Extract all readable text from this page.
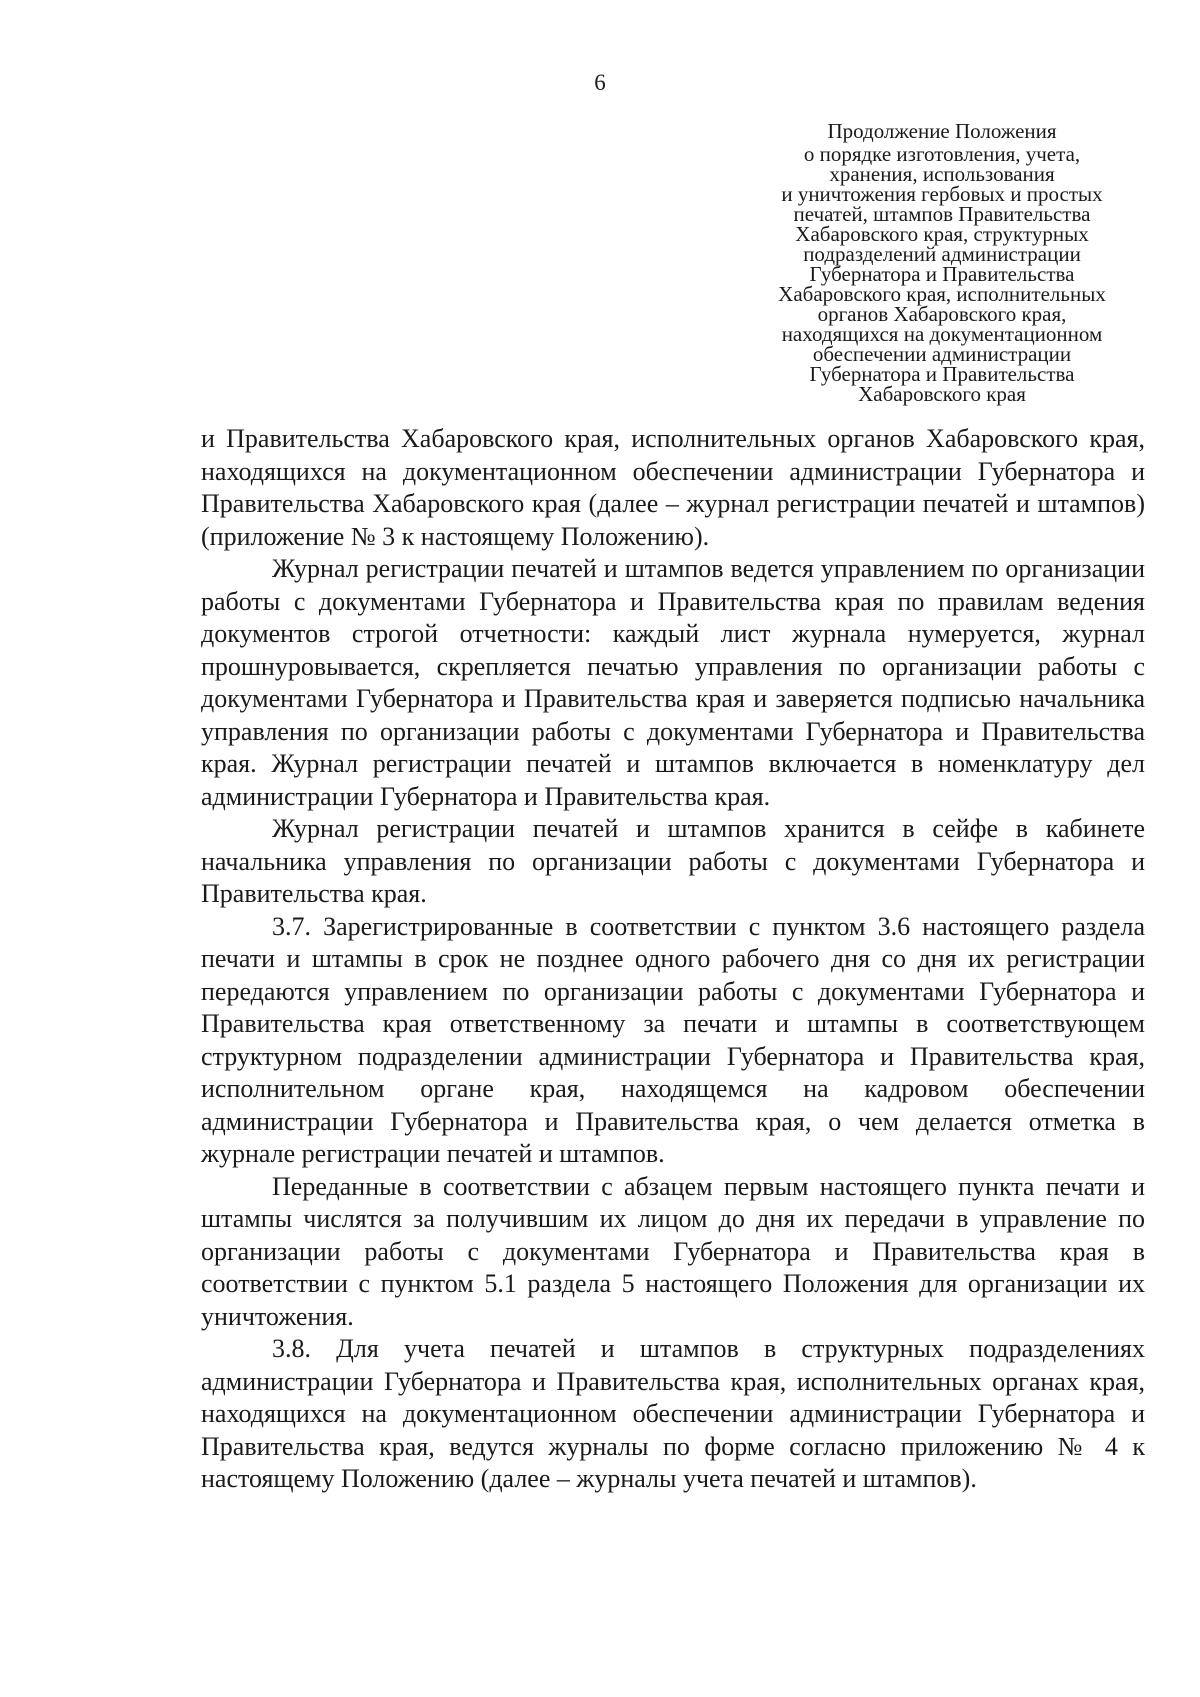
6
Продолжение Положения
о порядке изготовления, учета,
хранения, использования
и уничтожения гербовых и простых
печатей, штампов Правительства
Хабаровского края, структурных
подразделений администрации
Губернатора и Правительства
Хабаровского края, исполнительных
органов Хабаровского края,
находящихся на документационном
обеспечении администрации
Губернатора и Правительства
Хабаровского края

и Правительства Хабаровского края, исполнительных органов Хабаровского края, находящихся на документационном обеспечении администрации Губернатора и Правительства Хабаровского края (далее – журнал регистрации печатей и штампов) (приложение № 3 к настоящему Положению).

Журнал регистрации печатей и штампов ведется управлением по организации работы с документами Губернатора и Правительства края по правилам ведения документов строгой отчетности: каждый лист журнала нумеруется, журнал прошнуровывается, скрепляется печатью управления по организации работы с документами Губернатора и Правительства края и заверяется подписью начальника управления по организации работы с документами Губернатора и Правительства края. Журнал регистрации печатей и штампов включается в номенклатуру дел администрации Губернатора и Правительства края.

Журнал регистрации печатей и штампов хранится в сейфе в кабинете начальника управления по организации работы с документами Губернатора и Правительства края.

3.7. Зарегистрированные в соответствии с пунктом 3.6 настоящего раздела печати и штампы в срок не позднее одного рабочего дня со дня их регистрации передаются управлением по организации работы с документами Губернатора и Правительства края ответственному за печати и штампы в соответствующем структурном подразделении администрации Губернатора и Правительства края, исполнительном органе края, находящемся на кадровом обеспечении администрации Губернатора и Правительства края, о чем делается отметка в журнале регистрации печатей и штампов.

Переданные в соответствии с абзацем первым настоящего пункта печати и штампы числятся за получившим их лицом до дня их передачи в управление по организации работы с документами Губернатора и Правительства края в соответствии с пунктом 5.1 раздела 5 настоящего Положения для организации их уничтожения.

3.8. Для учета печатей и штампов в структурных подразделениях администрации Губернатора и Правительства края, исполнительных органах края, находящихся на документационном обеспечении администрации Губернатора и Правительства края, ведутся журналы по форме согласно приложению № 4 к настоящему Положению (далее – журналы учета печатей и штампов).
